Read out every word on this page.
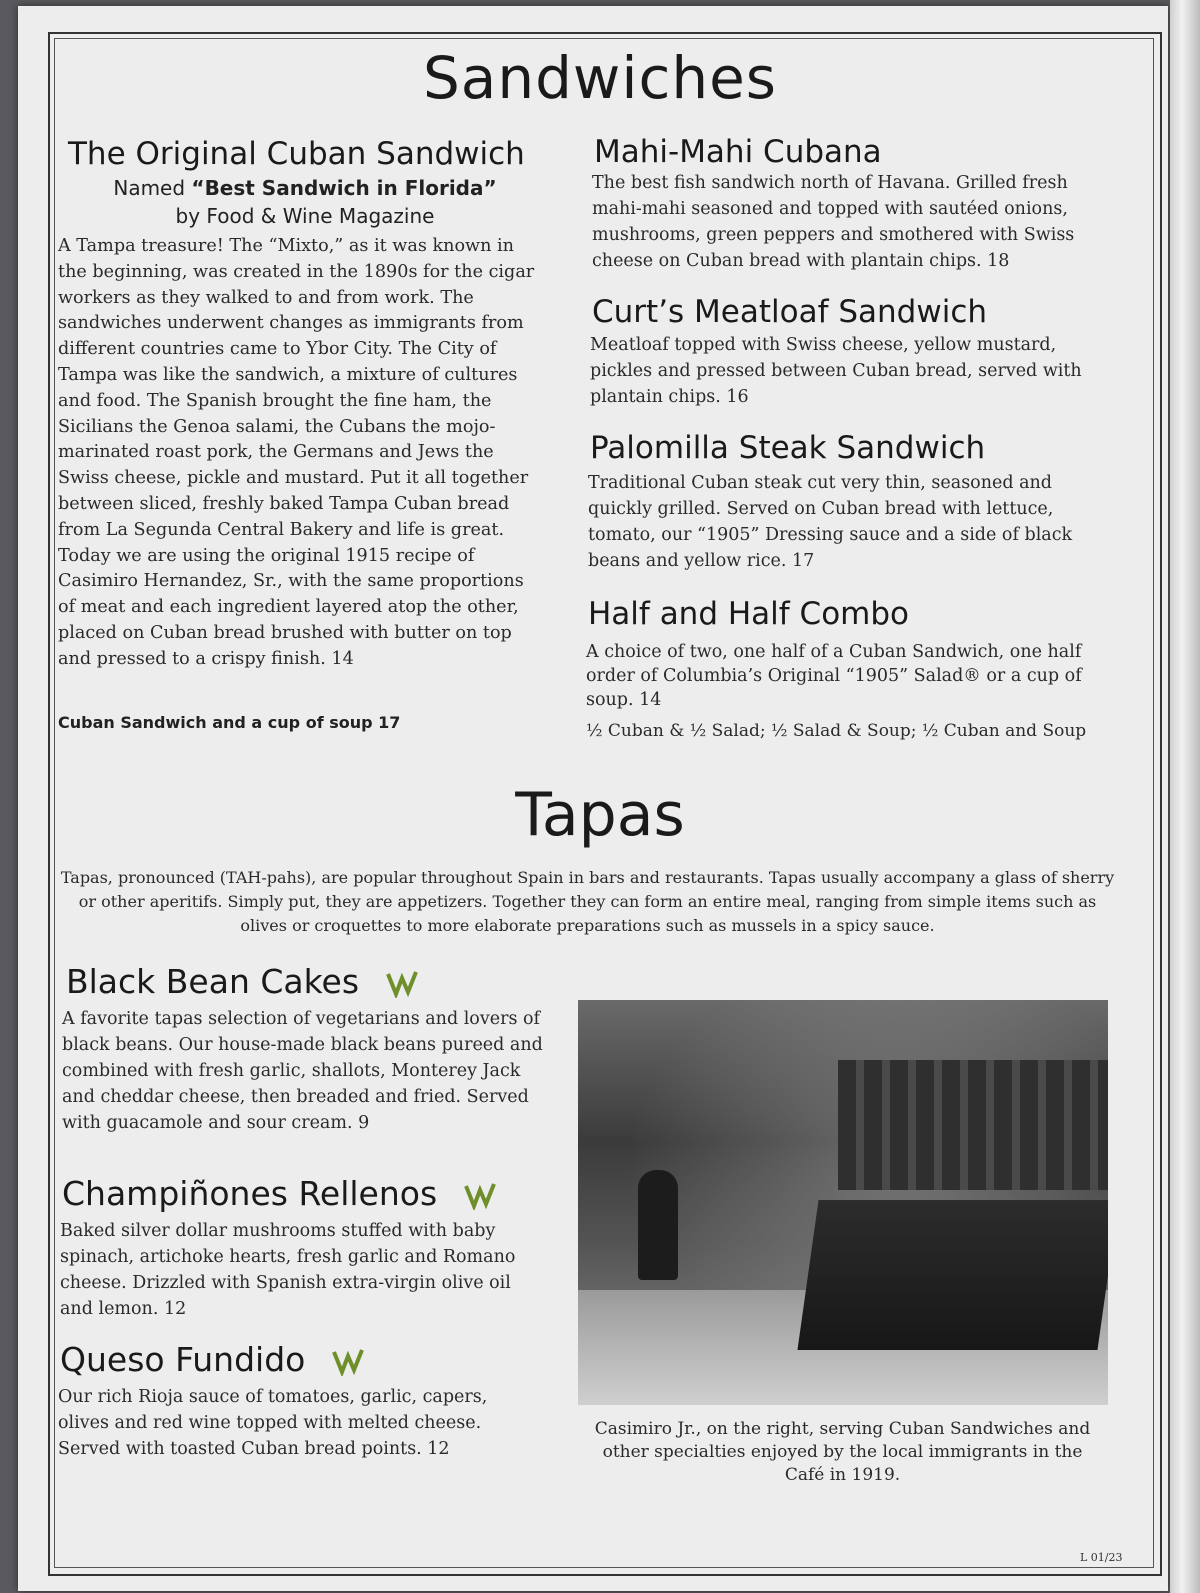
Sandwiches
The Original Cuban Sandwich
Named “Best Sandwich in Florida”
by Food & Wine Magazine
A Tampa treasure! The “Mixto,” as it was known in the beginning, was created in the 1890s for the cigar workers as they walked to and from work. The sandwiches underwent changes as immigrants from different countries came to Ybor City. The City of Tampa was like the sandwich, a mixture of cultures and food. The Spanish brought the fine ham, the Sicilians the Genoa salami, the Cubans the mojo-marinated roast pork, the Germans and Jews the Swiss cheese, pickle and mustard. Put it all together between sliced, freshly baked Tampa Cuban bread from La Segunda Central Bakery and life is great. Today we are using the original 1915 recipe of Casimiro Hernandez, Sr., with the same proportions of meat and each ingredient layered atop the other, placed on Cuban bread brushed with butter on top and pressed to a crispy finish. 14
Cuban Sandwich and a cup of soup 17
Mahi-Mahi Cubana
The best fish sandwich north of Havana. Grilled fresh mahi-mahi seasoned and topped with sautéed onions, mushrooms, green peppers and smothered with Swiss cheese on Cuban bread with plantain chips. 18
Curt’s Meatloaf Sandwich
Meatloaf topped with Swiss cheese, yellow mustard, pickles and pressed between Cuban bread, served with plantain chips. 16
Palomilla Steak Sandwich
Traditional Cuban steak cut very thin, seasoned and quickly grilled. Served on Cuban bread with lettuce, tomato, our “1905” Dressing sauce and a side of black beans and yellow rice. 17
Half and Half Combo
A choice of two, one half of a Cuban Sandwich, one half order of Columbia’s Original “1905” Salad® or a cup of soup. 14
½ Cuban & ½ Salad; ½ Salad & Soup; ½ Cuban and Soup
Tapas
Tapas, pronounced (TAH-pahs), are popular throughout Spain in bars and restaurants. Tapas usually accompany a glass of sherry or other aperitifs. Simply put, they are appetizers. Together they can form an entire meal, ranging from simple items such as olives or croquettes to more elaborate preparations such as mussels in a spicy sauce.
Black Bean Cakes
A favorite tapas selection of vegetarians and lovers of black beans. Our house-made black beans pureed and combined with fresh garlic, shallots, Monterey Jack and cheddar cheese, then breaded and fried. Served with guacamole and sour cream. 9
Champiñones Rellenos
Baked silver dollar mushrooms stuffed with baby spinach, artichoke hearts, fresh garlic and Romano cheese. Drizzled with Spanish extra-virgin olive oil and lemon. 12
Queso Fundido
Our rich Rioja sauce of tomatoes, garlic, capers, olives and red wine topped with melted cheese. Served with toasted Cuban bread points. 12
Casimiro Jr., on the right, serving Cuban Sandwiches and other specialties enjoyed by the local immigrants in the Café in 1919.
L 01/23
